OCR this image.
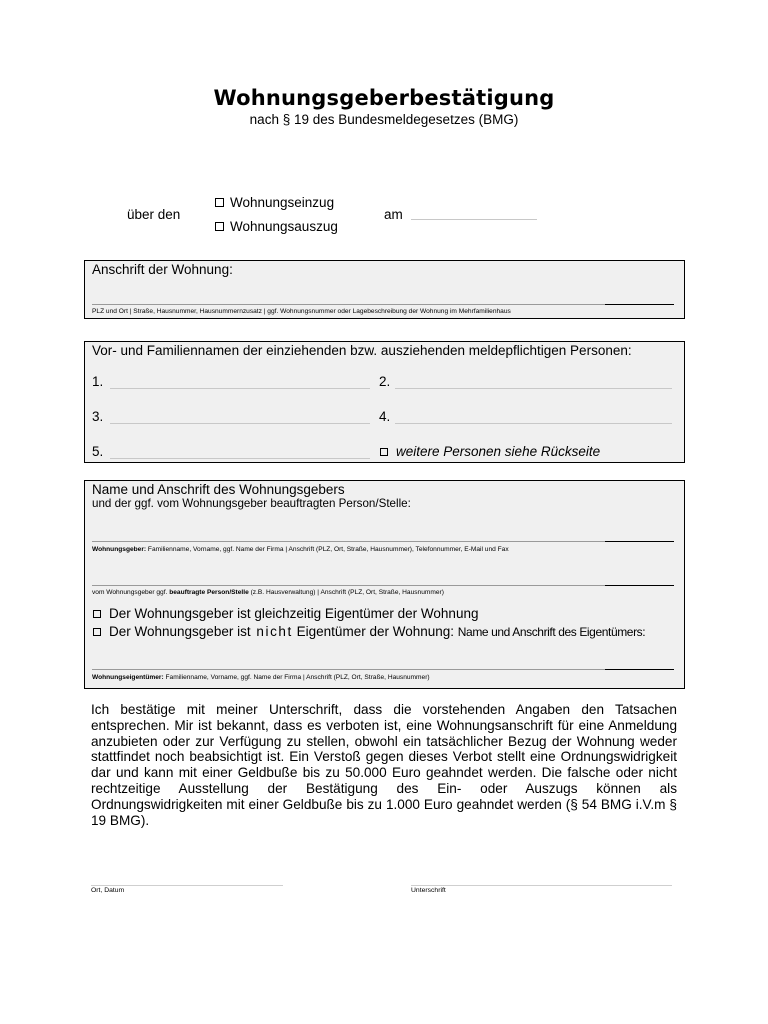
Wohnungsgeberbestätigung
nach § 19 des Bundesmeldegesetzes (BMG)
über den
Wohnungseinzug
Wohnungsauszug
am
Anschrift der Wohnung:
PLZ und Ort | Straße, Hausnummer, Hausnummernzusatz | ggf. Wohnungsnummer oder Lagebeschreibung der Wohnung im Mehrfamilienhaus
Vor- und Familiennamen der einziehenden bzw. ausziehenden meldepflichtigen Personen:
1.	2.
3.	4.
5.	weitere Personen siehe Rückseite
Name und Anschrift des Wohnungsgebers
und der ggf. vom Wohnungsgeber beauftragten Person/Stelle:
Wohnungsgeber: Familienname, Vorname, ggf. Name der Firma | Anschrift (PLZ, Ort, Straße, Hausnummer), Telefonnummer, E-Mail und Fax
vom Wohnungsgeber ggf. beauftragte Person/Stelle (z.B. Hausverwaltung) | Anschrift (PLZ, Ort, Straße, Hausnummer)
Der Wohnungsgeber ist gleichzeitig Eigentümer der Wohnung
Der Wohnungsgeber ist nicht Eigentümer der Wohnung: Name und Anschrift des Eigentümers:
Wohnungseigentümer: Familienname, Vorname, ggf. Name der Firma | Anschrift (PLZ, Ort, Straße, Hausnummer)
Ich bestätige mit meiner Unterschrift, dass die vorstehenden Angaben den Tatsachen entsprechen. Mir ist bekannt, dass es verboten ist, eine Wohnungsanschrift für eine Anmeldung anzubieten oder zur Verfügung zu stellen, obwohl ein tatsächlicher Bezug der Wohnung weder stattfindet noch beabsichtigt ist. Ein Verstoß gegen dieses Verbot stellt eine Ordnungswidrigkeit dar und kann mit einer Geldbuße bis zu 50.000 Euro geahndet werden. Die falsche oder nicht rechtzeitige Ausstellung der Bestätigung des Ein- oder Auszugs können als Ordnungswidrigkeiten mit einer Geldbuße bis zu 1.000 Euro geahndet werden (§ 54 BMG i.V.m § 19 BMG).
Ort, Datum	Unterschrift
